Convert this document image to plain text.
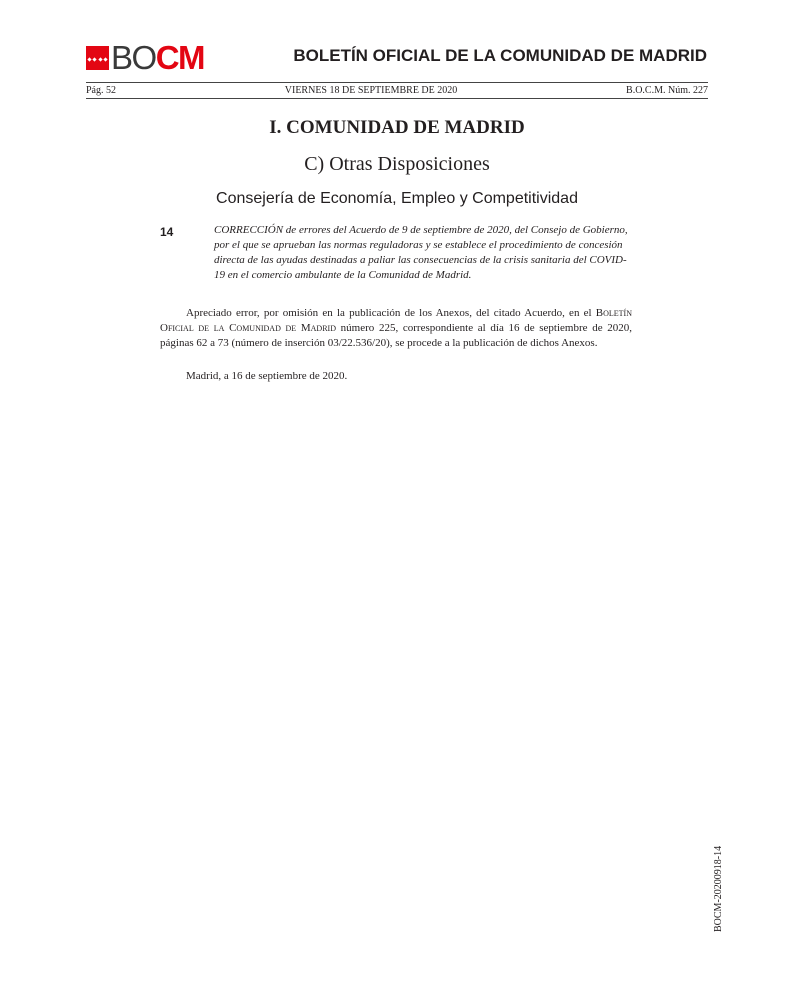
BOCM	BOLETÍN OFICIAL DE LA COMUNIDAD DE MADRID
Pág. 52	VIERNES 18 DE SEPTIEMBRE DE 2020	B.O.C.M. Núm. 227
I. COMUNIDAD DE MADRID
C) Otras Disposiciones
Consejería de Economía, Empleo y Competitividad
14	CORRECCIÓN de errores del Acuerdo de 9 de septiembre de 2020, del Consejo de Gobierno, por el que se aprueban las normas reguladoras y se establece el procedimiento de concesión directa de las ayudas destinadas a paliar las consecuencias de la crisis sanitaria del COVID-19 en el comercio ambulante de la Comunidad de Madrid.

Apreciado error, por omisión en la publicación de los Anexos, del citado Acuerdo, en el Boletín Oficial de la Comunidad de Madrid número 225, correspondiente al día 16 de septiembre de 2020, páginas 62 a 73 (número de inserción 03/22.536/20), se procede a la publicación de dichos Anexos.

Madrid, a 16 de septiembre de 2020.
BOCM-20200918-14
